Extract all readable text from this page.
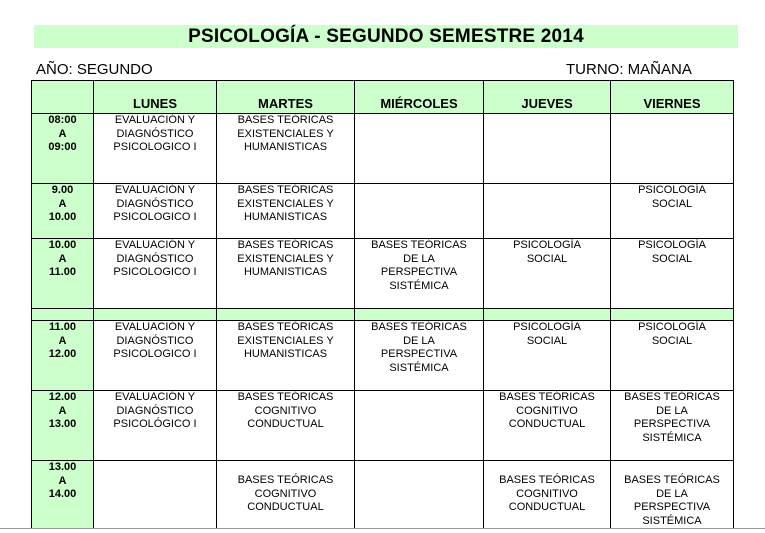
PSICOLOGÍA - SEGUNDO SEMESTRE 2014
AÑO: SEGUNDO	TURNO: MAÑANA
	LUNES	MARTES	MIÉRCOLES	JUEVES	VIERNES

08:00
A
09:00	EVALUACIÓN Y
DIAGNÓSTICO
PSICOLOGICO I	BASES TEÓRICAS
EXISTENCIALES Y
HUMANISTICAS			

9.00
A
10.00	EVALUACIÓN Y
DIAGNÓSTICO
PSICOLOGICO I	BASES TEÓRICAS
EXISTENCIALES Y
HUMANISTICAS			PSICOLOGÍA
SOCIAL

10.00
A
11.00	EVALUACIÓN Y
DIAGNÓSTICO
PSICOLOGICO I	BASES TEÓRICAS
EXISTENCIALES Y
HUMANISTICAS	BASES TEÓRICAS
DE LA
PERSPECTIVA
SISTÉMICA	PSICOLOGÍA
SOCIAL	PSICOLOGÍA
SOCIAL

11.00
A
12.00	EVALUACIÓN Y
DIAGNÓSTICO
PSICOLOGICO I	BASES TEÓRICAS
EXISTENCIALES Y
HUMANISTICAS	BASES TEÓRICAS
DE LA
PERSPECTIVA
SISTÉMICA	PSICOLOGÍA
SOCIAL	PSICOLOGÍA
SOCIAL

12.00
A
13.00	EVALUACIÓN Y
DIAGNÓSTICO
PSICOLÓGICO I	BASES TEÓRICAS
COGNITIVO
CONDUCTUAL		BASES TEÓRICAS
COGNITIVO
CONDUCTUAL	BASES TEÓRICAS
DE LA
PERSPECTIVA
SISTÉMICA

13.00
A
14.00		BASES TEÓRICAS
COGNITIVO
CONDUCTUAL		BASES TEÓRICAS
COGNITIVO
CONDUCTUAL	BASES TEÓRICAS
DE LA
PERSPECTIVA
SISTÉMICA
